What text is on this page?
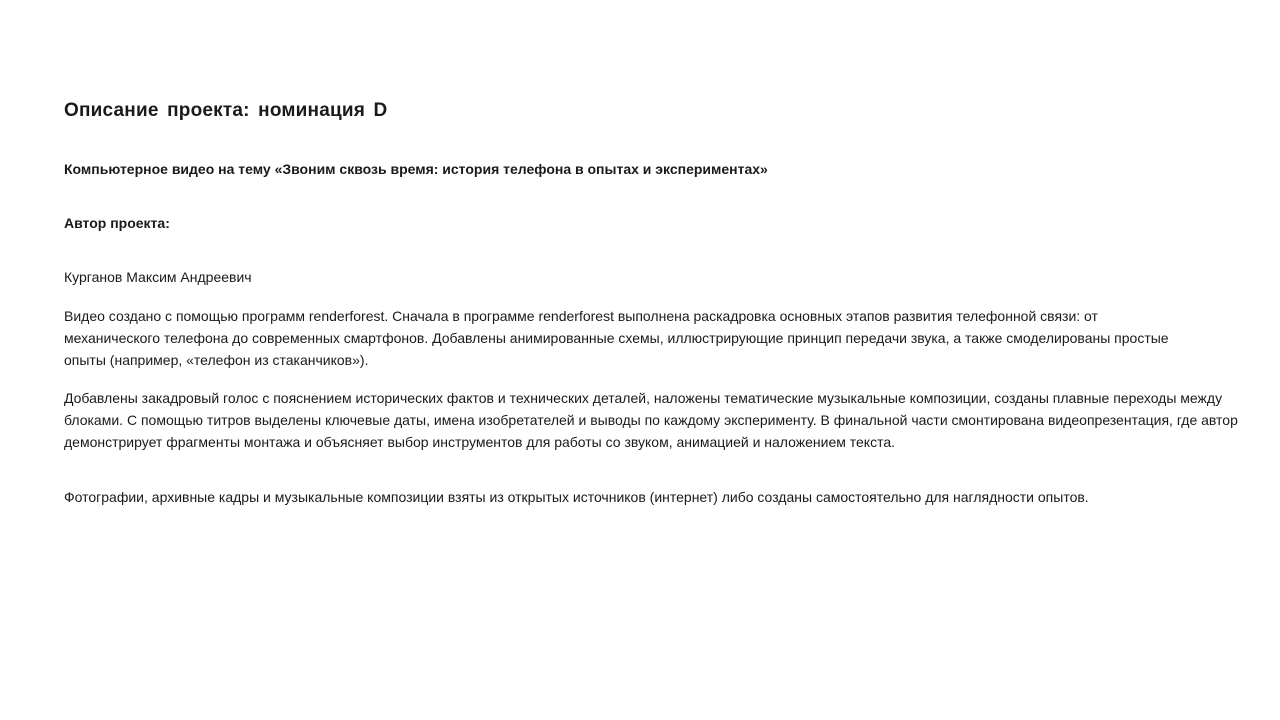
Описание проекта: номинация D
Компьютерное видео на тему «Звоним сквозь время: история телефона в опытах и экспериментах»
Автор проекта:
Курганов Максим Андреевич
Видео создано с помощью программ renderforest. Сначала в программе renderforest выполнена раскадровка основных этапов развития телефонной связи: от механического телефона до современных смартфонов. Добавлены анимированные схемы, иллюстрирующие принцип передачи звука, а также смоделированы простые опыты (например, «телефон из стаканчиков»).
Добавлены закадровый голос с пояснением исторических фактов и технических деталей, наложены тематические музыкальные композиции, созданы плавные переходы между блоками. С помощью титров выделены ключевые даты, имена изобретателей и выводы по каждому эксперименту. В финальной части смонтирована видеопрезентация, где автор демонстрирует фрагменты монтажа и объясняет выбор инструментов для работы со звуком, анимацией и наложением текста.
Фотографии, архивные кадры и музыкальные композиции взяты из открытых источников (интернет) либо созданы самостоятельно для наглядности опытов.
